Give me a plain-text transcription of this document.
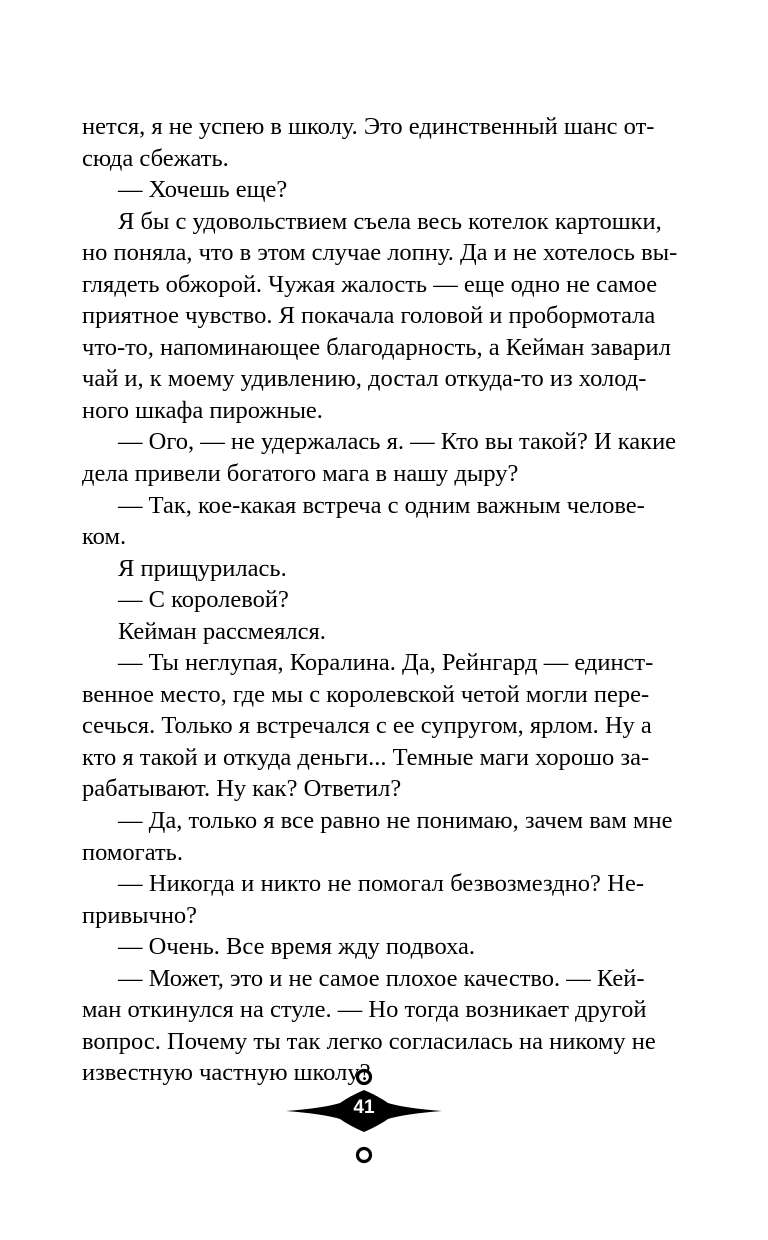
нется, я не успею в школу. Это единственный шанс от-
сюда сбежать.
— Хочешь еще?
Я бы с удовольствием съела весь котелок картошки,
но поняла, что в этом случае лопну. Да и не хотелось вы-
глядеть обжорой. Чужая жалость — еще одно не самое
приятное чувство. Я покачала головой и пробормотала
что-то, напоминающее благодарность, а Кейман заварил
чай и, к моему удивлению, достал откуда-то из холод-
ного шкафа пирожные.
— Ого, — не удержалась я. — Кто вы такой? И какие
дела привели богатого мага в нашу дыру?
— Так, кое-какая встреча с одним важным челове-
ком.
Я прищурилась.
— С королевой?
Кейман рассмеялся.
— Ты неглупая, Коралина. Да, Рейнгард — единст-
венное место, где мы с королевской четой могли пере-
сечься. Только я встречался с ее супругом, ярлом. Ну а
кто я такой и откуда деньги... Темные маги хорошо за-
рабатывают. Ну как? Ответил?
— Да, только я все равно не понимаю, зачем вам мне
помогать.
— Никогда и никто не помогал безвозмездно? Не-
привычно?
— Очень. Все время жду подвоха.
— Может, это и не самое плохое качество. — Кей-
ман откинулся на стуле. — Но тогда возникает другой
вопрос. Почему ты так легко согласилась на никому не
известную частную школу?
41
